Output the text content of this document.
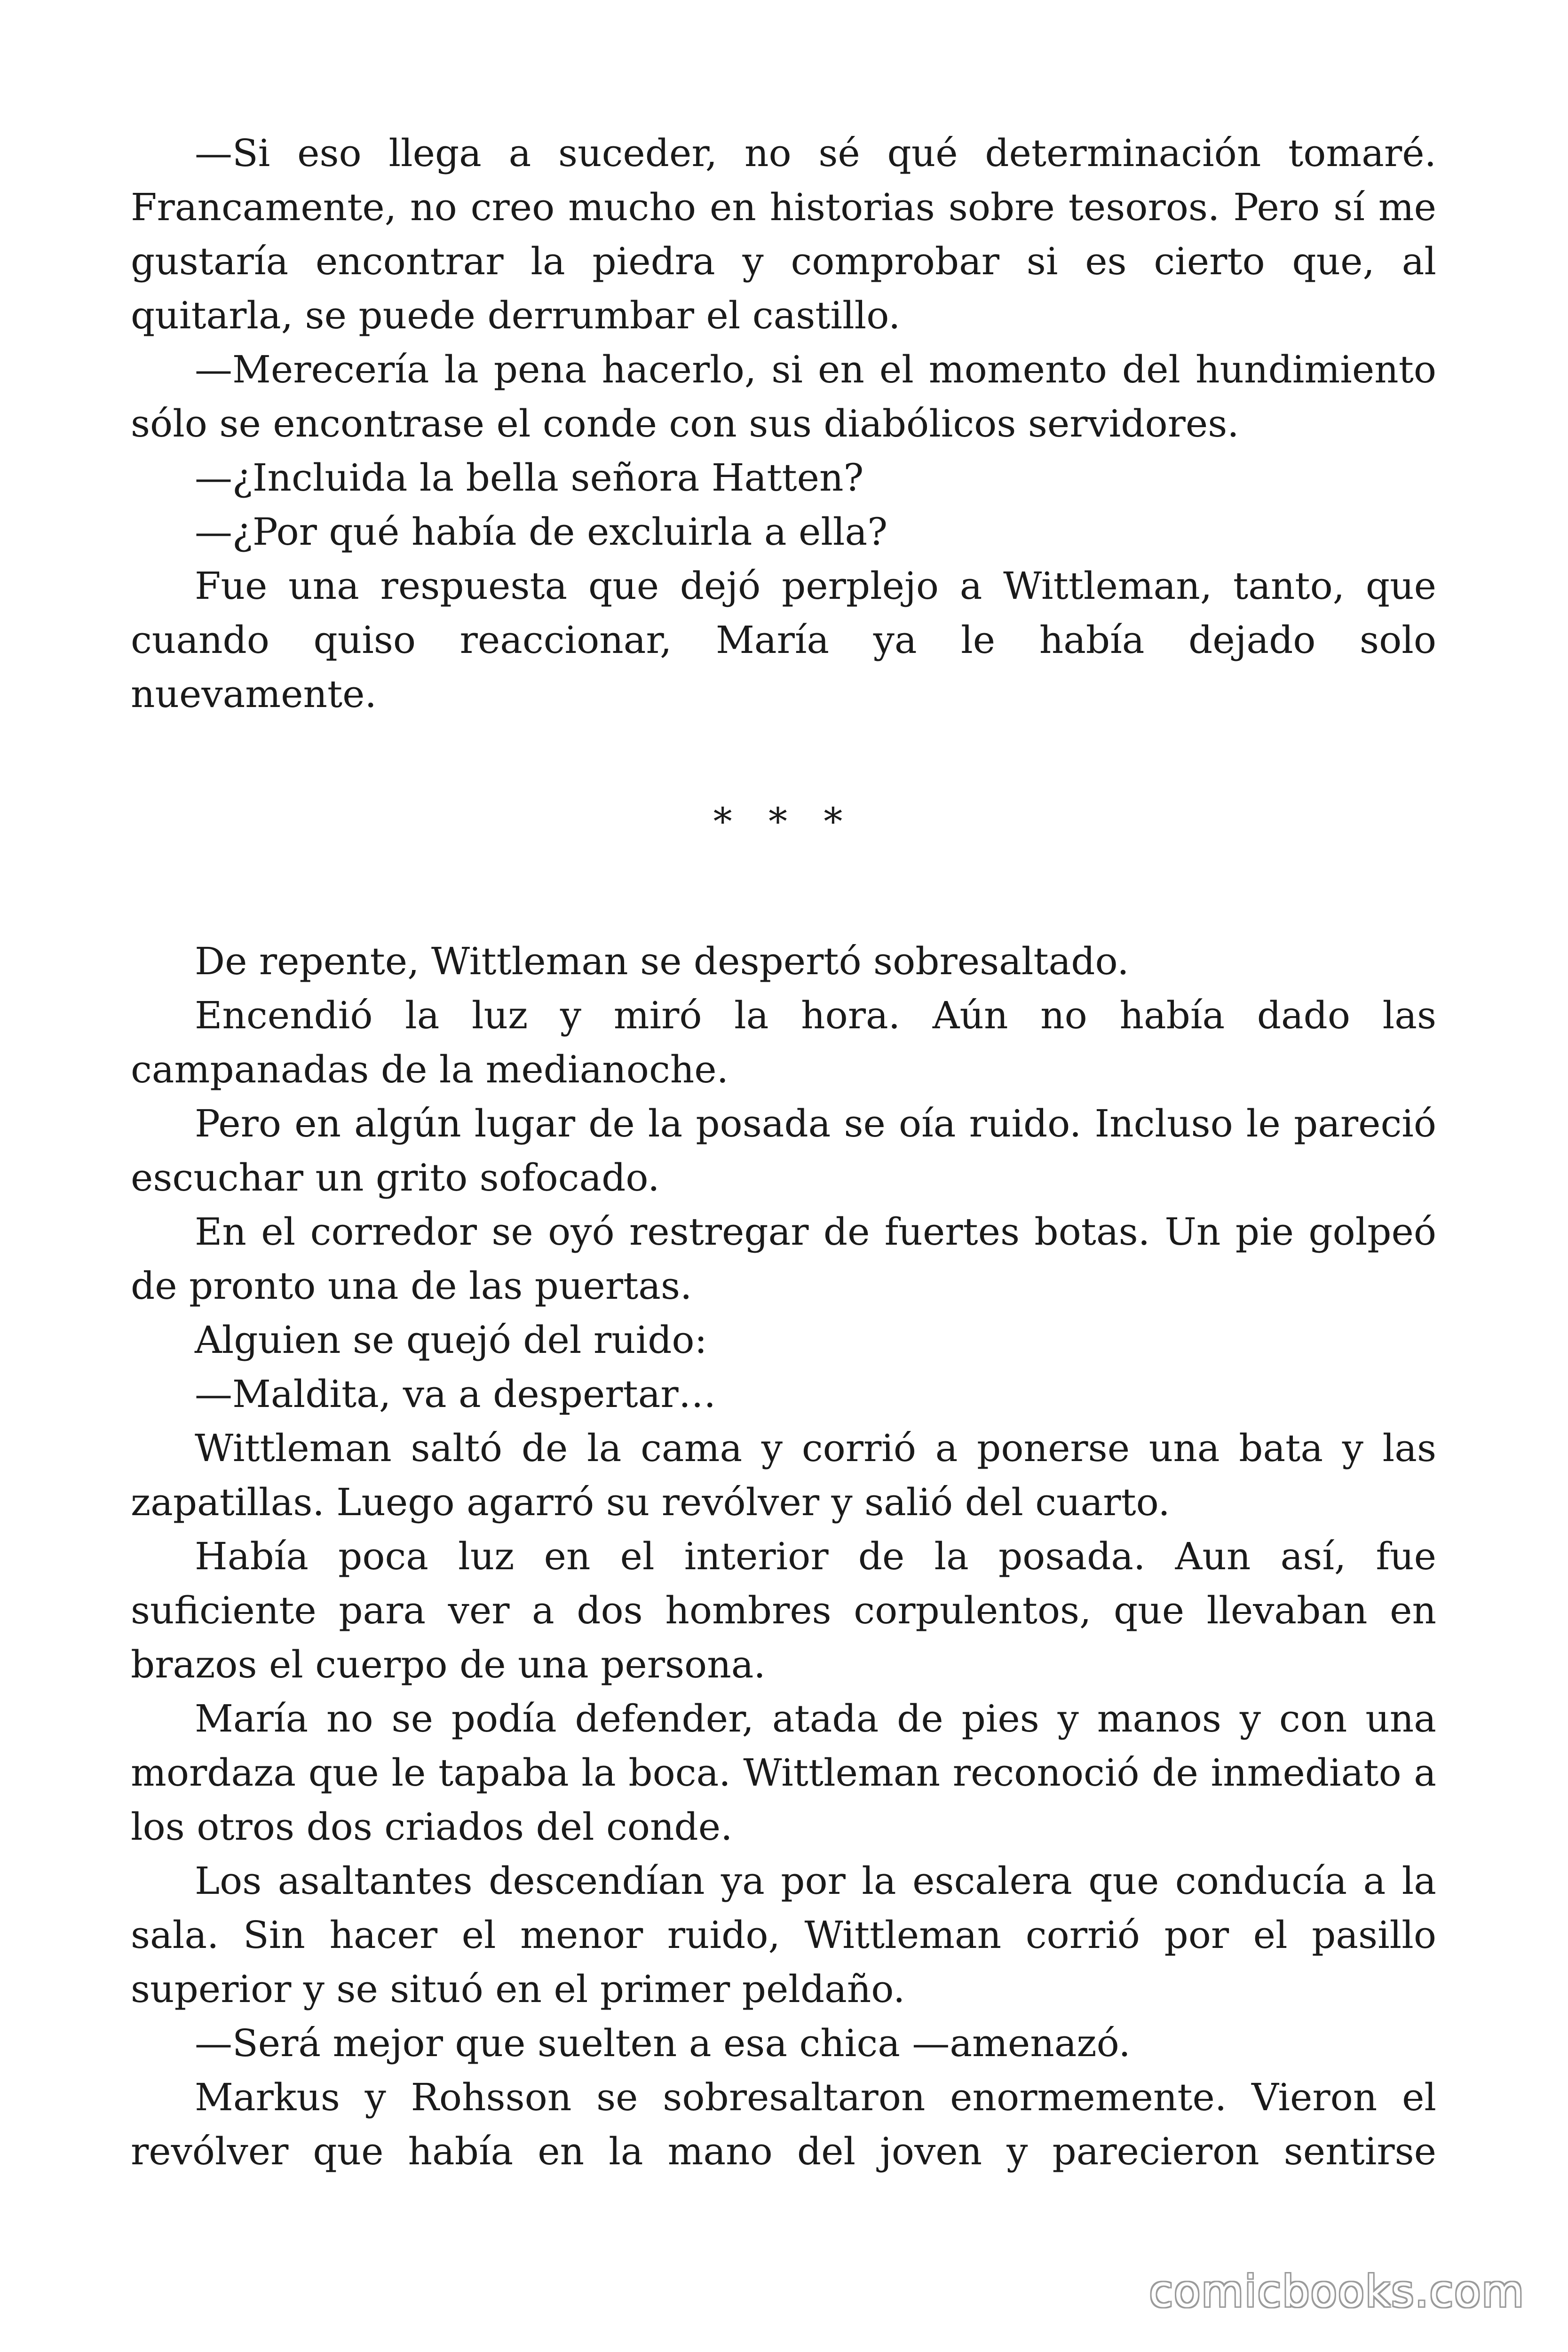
—Si eso llega a suceder, no sé qué determinación tomaré. Francamente, no creo mucho en historias sobre tesoros. Pero sí me gustaría encontrar la piedra y comprobar si es cierto que, al quitarla, se puede derrumbar el castillo.

—Merecería la pena hacerlo, si en el momento del hundimiento sólo se encontrase el conde con sus diabólicos servidores.

—¿Incluida la bella señora Hatten?

—¿Por qué había de excluirla a ella?

Fue una respuesta que dejó perplejo a Wittleman, tanto, que cuando quiso reaccionar, María ya le había dejado solo nuevamente.

* * *

De repente, Wittleman se despertó sobresaltado.

Encendió la luz y miró la hora. Aún no había dado las campanadas de la medianoche.

Pero en algún lugar de la posada se oía ruido. Incluso le pareció escuchar un grito sofocado.

En el corredor se oyó restregar de fuertes botas. Un pie golpeó de pronto una de las puertas.

Alguien se quejó del ruido:

—Maldita, va a despertar…

Wittleman saltó de la cama y corrió a ponerse una bata y las zapatillas. Luego agarró su revólver y salió del cuarto.

Había poca luz en el interior de la posada. Aun así, fue suficiente para ver a dos hombres corpulentos, que llevaban en brazos el cuerpo de una persona.

María no se podía defender, atada de pies y manos y con una mordaza que le tapaba la boca. Wittleman reconoció de inmediato a los otros dos criados del conde.

Los asaltantes descendían ya por la escalera que conducía a la sala. Sin hacer el menor ruido, Wittleman corrió por el pasillo superior y se situó en el primer peldaño.

—Será mejor que suelten a esa chica —amenazó.

Markus y Rohsson se sobresaltaron enormemente. Vieron el revólver que había en la mano del joven y parecieron sentirse

comicbooks.com
